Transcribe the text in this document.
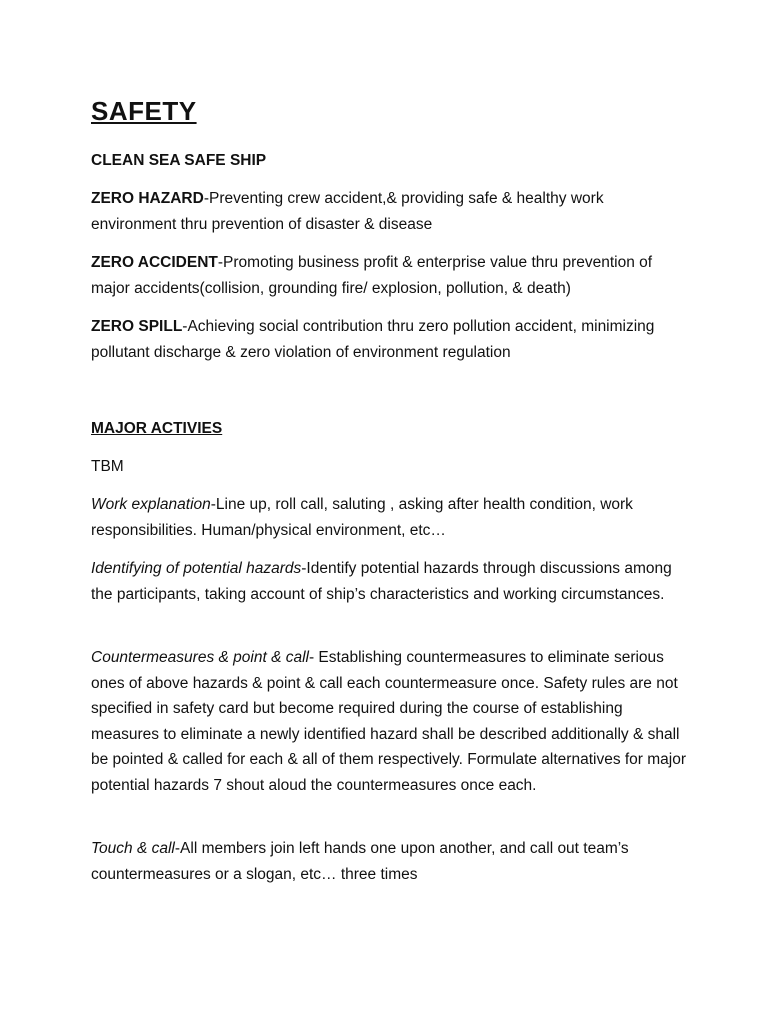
SAFETY

CLEAN SEA SAFE SHIP

ZERO HAZARD-Preventing crew accident,& providing safe & healthy work environment thru prevention of disaster & disease

ZERO ACCIDENT-Promoting business profit & enterprise value thru prevention of major accidents(collision, grounding fire/ explosion, pollution, & death)

ZERO SPILL-Achieving social contribution thru zero pollution accident, minimizing pollutant discharge & zero violation of environment regulation

MAJOR ACTIVIES

TBM

Work explanation-Line up, roll call, saluting , asking after health condition, work responsibilities. Human/physical environment, etc…

Identifying of potential hazards-Identify potential hazards through discussions among the participants, taking account of ship’s characteristics and working circumstances.

Countermeasures & point & call- Establishing countermeasures to eliminate serious ones of above hazards & point & call each countermeasure once. Safety rules are not specified in safety card but become required during the course of establishing measures to eliminate a newly identified hazard shall be described additionally & shall be pointed & called for each & all of them respectively. Formulate alternatives for major potential hazards 7 shout aloud the countermeasures once each.

Touch & call-All members join left hands one upon another, and call out team’s countermeasures or a slogan, etc… three times
